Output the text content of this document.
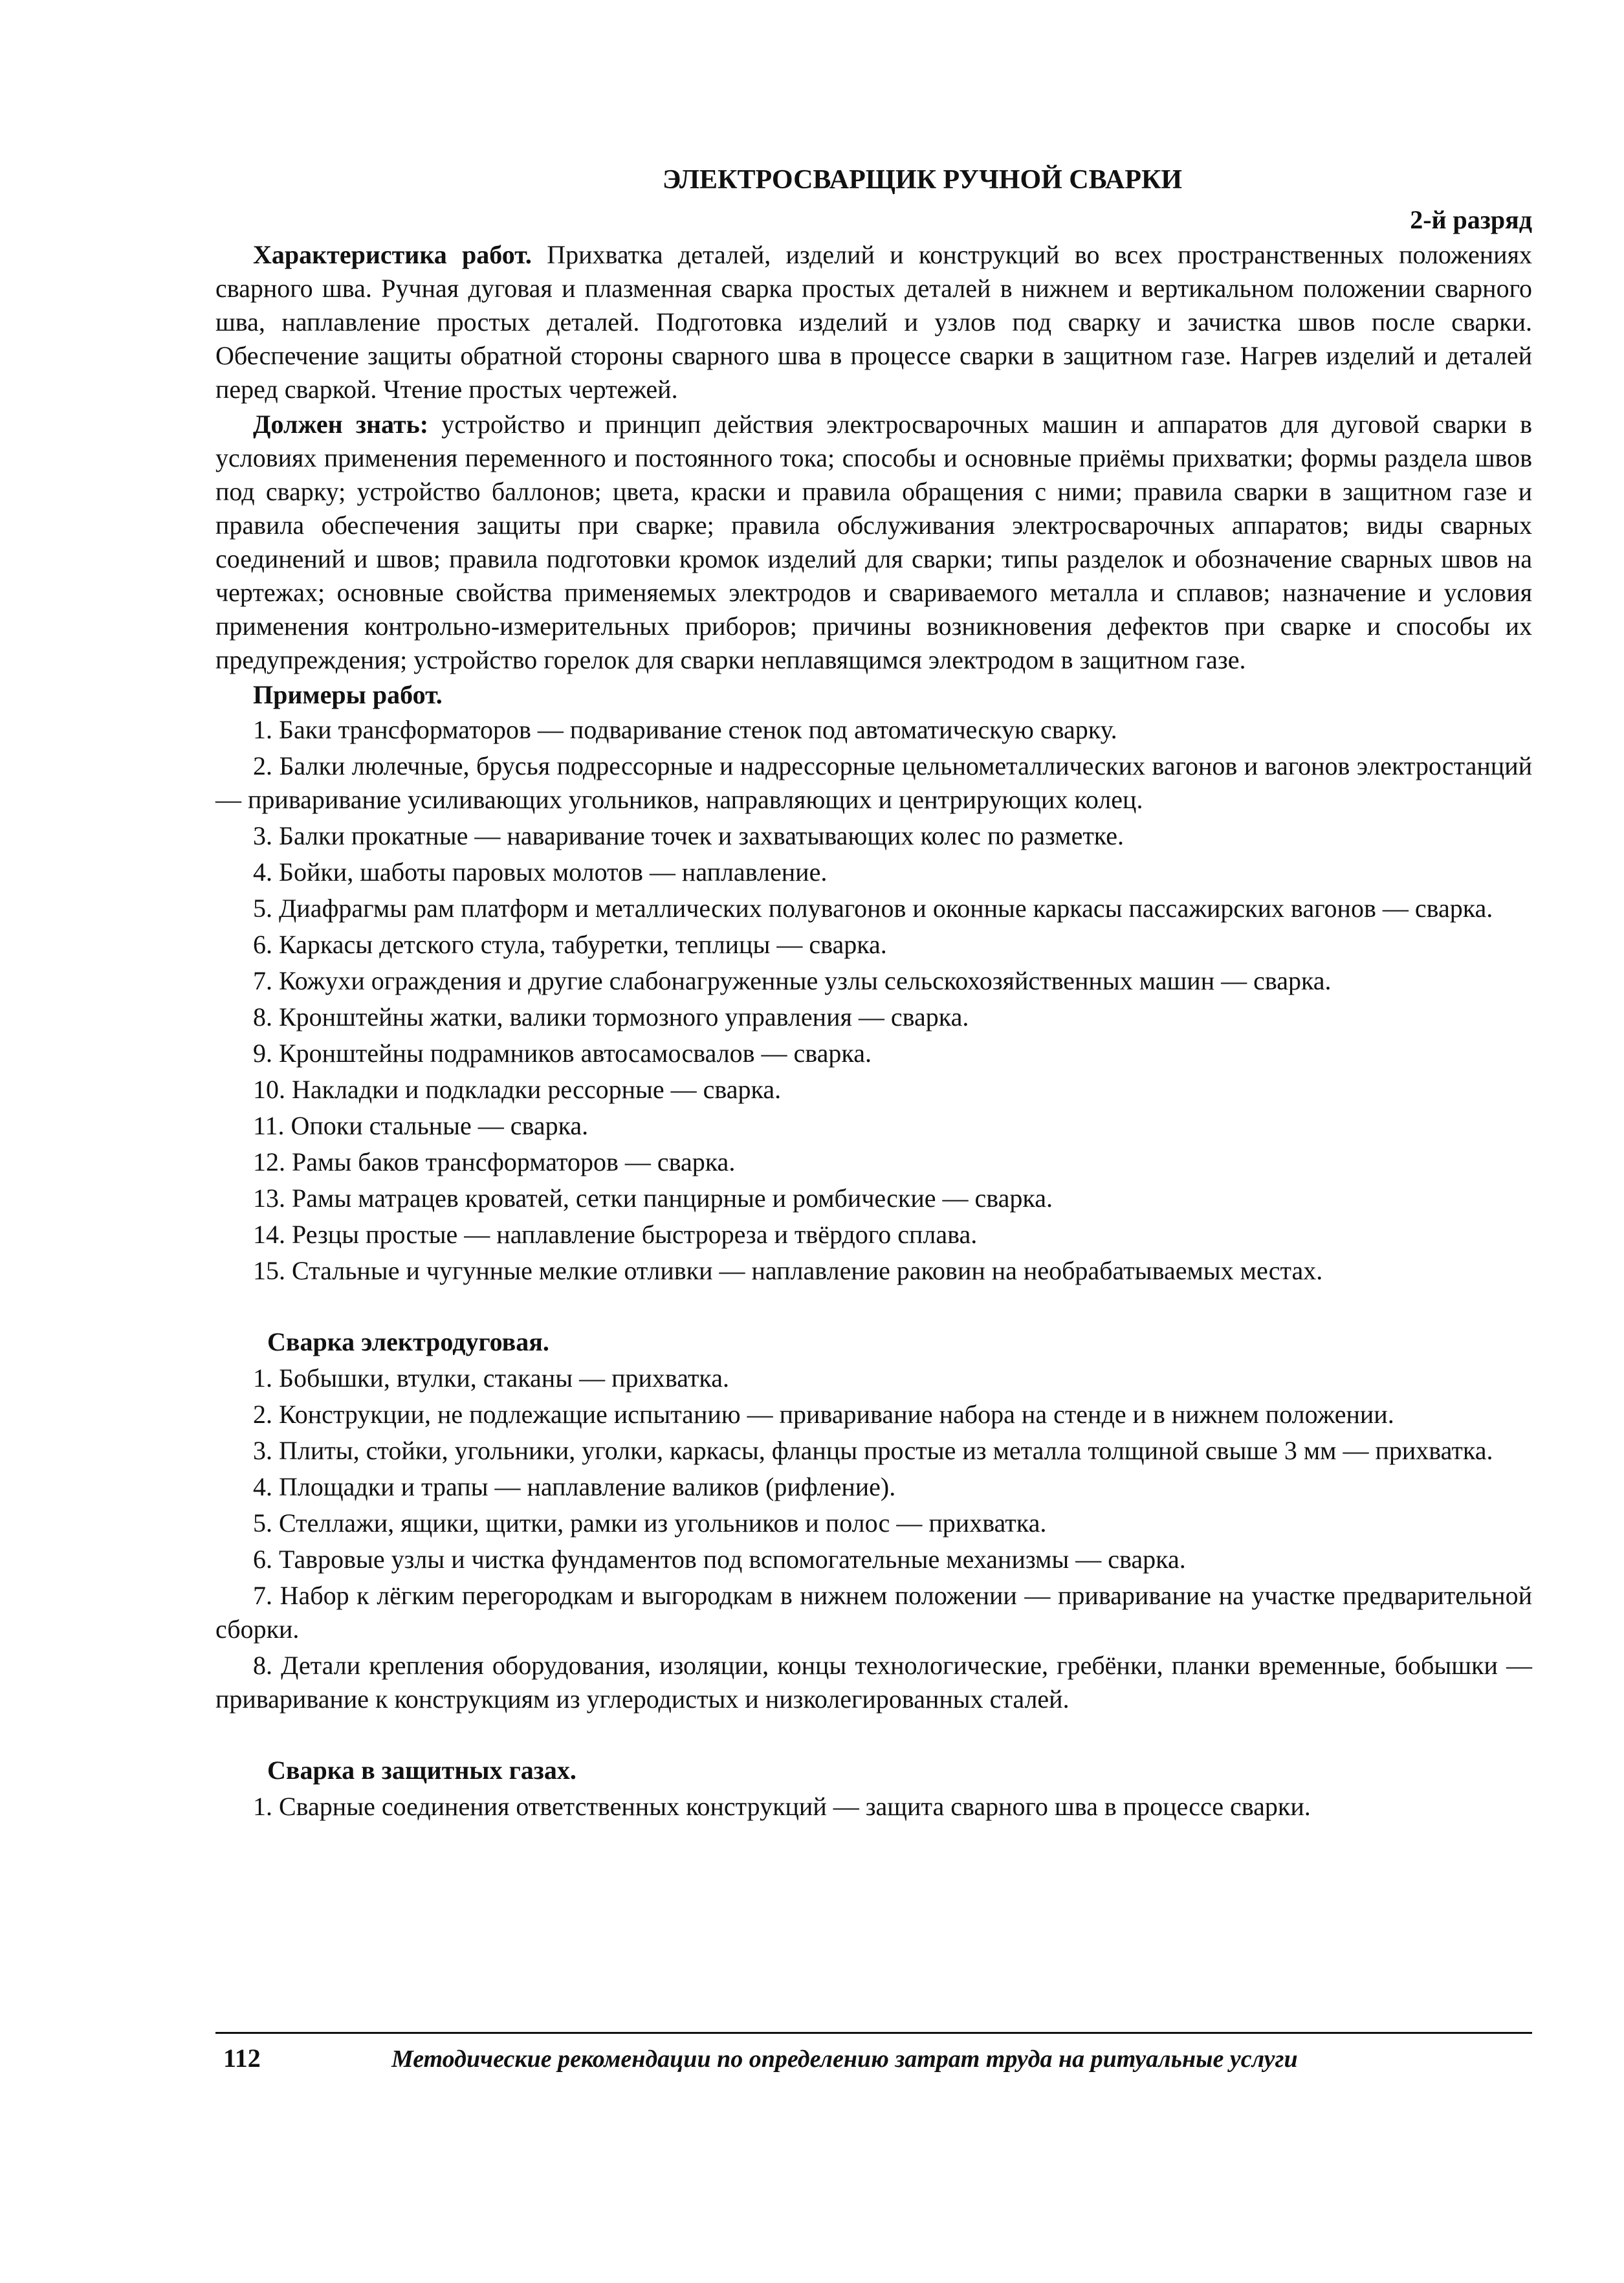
ЭЛЕКТРОСВАРЩИК РУЧНОЙ СВАРКИ
2-й разряд

Характеристика работ. Прихватка деталей, изделий и конструкций во всех пространственных положениях сварного шва. Ручная дуговая и плазменная сварка простых деталей в нижнем и вертикальном положении сварного шва, наплавление простых деталей. Подготовка изделий и узлов под сварку и зачистка швов после сварки. Обеспечение защиты обратной стороны сварного шва в процессе сварки в защитном газе. Нагрев изделий и деталей перед сваркой. Чтение простых чертежей.

Должен знать: устройство и принцип действия электросварочных машин и аппаратов для дуговой сварки в условиях применения переменного и постоянного тока; способы и основные приёмы прихватки; формы раздела швов под сварку; устройство баллонов; цвета, краски и правила обращения с ними; правила сварки в защитном газе и правила обеспечения защиты при сварке; правила обслуживания электросварочных аппаратов; виды сварных соединений и швов; правила подготовки кромок изделий для сварки; типы разделок и обозначение сварных швов на чертежах; основные свойства применяемых электродов и свариваемого металла и сплавов; назначение и условия применения контрольно-измерительных приборов; причины возникновения дефектов при сварке и способы их предупреждения; устройство горелок для сварки неплавящимся электродом в защитном газе.

Примеры работ.

1. Баки трансформаторов — подваривание стенок под автоматическую сварку.

2. Балки люлечные, брусья подрессорные и надрессорные цельнометаллических вагонов и вагонов электростанций — приваривание усиливающих угольников, направляющих и центрирующих колец.

3. Балки прокатные — наваривание точек и захватывающих колес по разметке.

4. Бойки, шаботы паровых молотов — наплавление.

5. Диафрагмы рам платформ и металлических полувагонов и оконные каркасы пассажирских вагонов — сварка.

6. Каркасы детского стула, табуретки, теплицы — сварка.

7. Кожухи ограждения и другие слабонагруженные узлы сельскохозяйственных машин — сварка.

8. Кронштейны жатки, валики тормозного управления — сварка.

9. Кронштейны подрамников автосамосвалов — сварка.

10. Накладки и подкладки рессорные — сварка.

11. Опоки стальные — сварка.

12. Рамы баков трансформаторов — сварка.

13. Рамы матрацев кроватей, сетки панцирные и ромбические — сварка.

14. Резцы простые — наплавление быстрореза и твёрдого сплава.

15. Стальные и чугунные мелкие отливки — наплавление раковин на необрабатываемых местах.

Сварка электродуговая.

1. Бобышки, втулки, стаканы — прихватка.

2. Конструкции, не подлежащие испытанию — приваривание набора на стенде и в нижнем положении.

3. Плиты, стойки, угольники, уголки, каркасы, фланцы простые из металла толщиной свыше 3 мм — прихватка.

4. Площадки и трапы — наплавление валиков (рифление).

5. Стеллажи, ящики, щитки, рамки из угольников и полос — прихватка.

6. Тавровые узлы и чистка фундаментов под вспомогательные механизмы — сварка.

7. Набор к лёгким перегородкам и выгородкам в нижнем положении — приваривание на участке предварительной сборки.

8. Детали крепления оборудования, изоляции, концы технологические, гребёнки, планки временные, бобышки — приваривание к конструкциям из углеродистых и низколегированных сталей.

Сварка в защитных газах.

1. Сварные соединения ответственных конструкций — защита сварного шва в процессе сварки.

112	Методические рекомендации по определению затрат труда на ритуальные услуги
